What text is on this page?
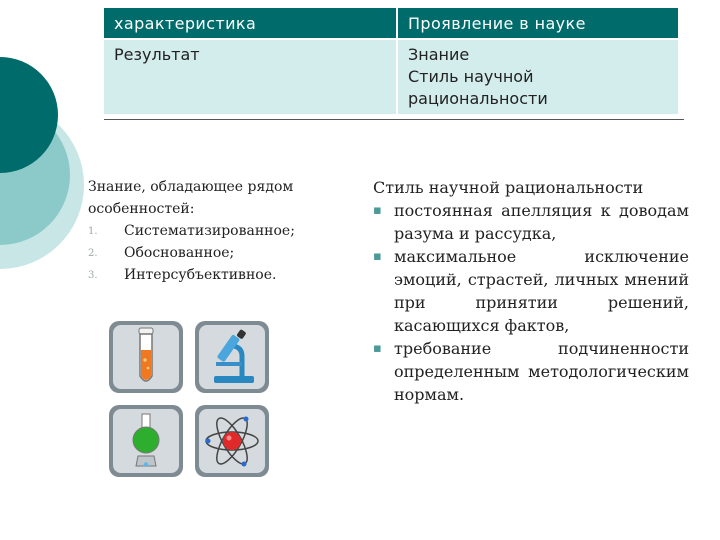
характеристика	Проявление в науке
Результат	Знание
Стиль научной
рациональности

Знание, обладающее рядом
особенностей:

1. Систематизированное;
2. Обоснованное;
3. Интерсубъективное.

Стиль научной рациональности

▪ постоянная апелляция к доводам разума и рассудка,
▪ максимальное исключение эмоций, страстей, личных мнений при принятии решений, касающихся фактов,
▪ требование подчиненности определенным методологическим нормам.
